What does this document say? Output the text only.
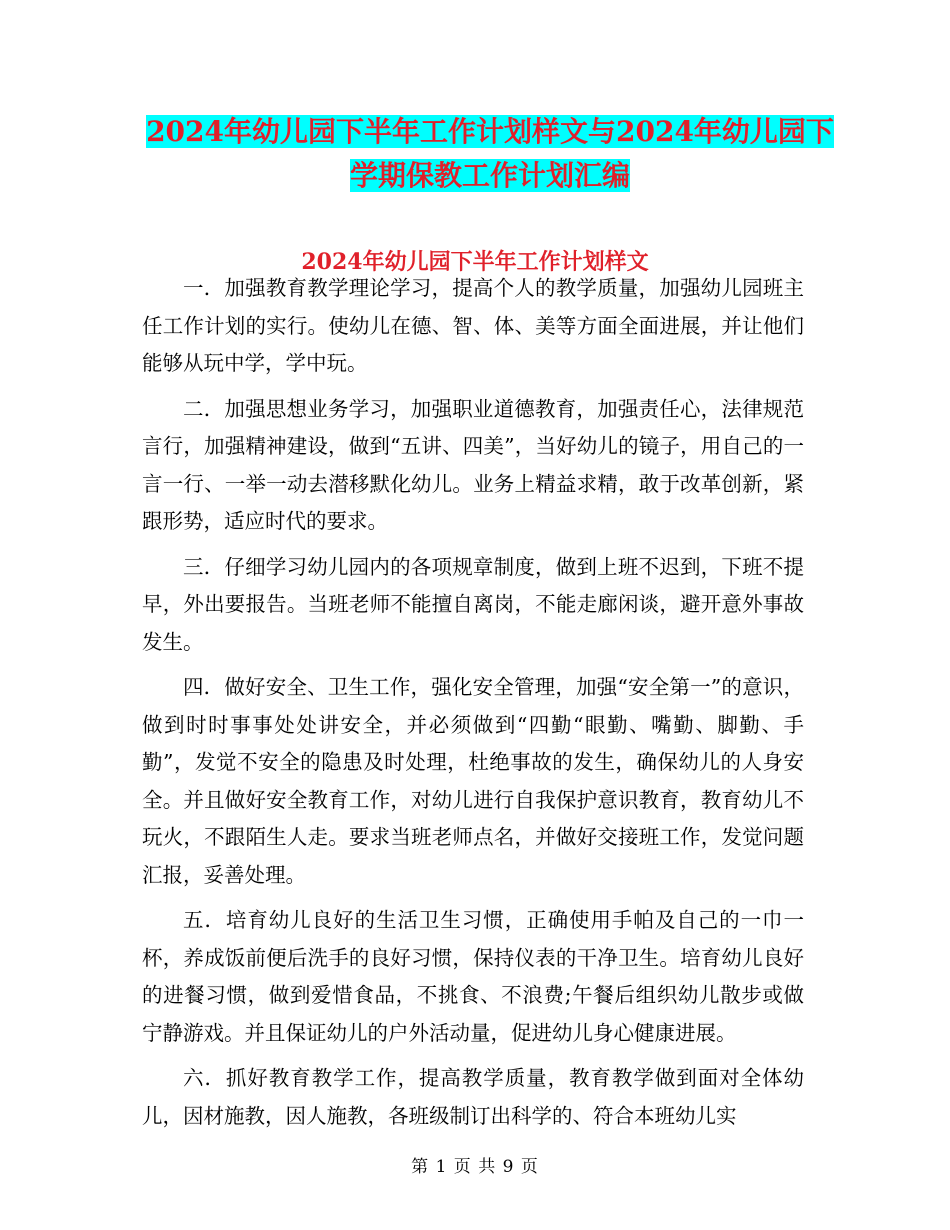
2024年幼儿园下半年工作计划样文与2024年幼儿园下
学期保教工作计划汇编
2024年幼儿园下半年工作计划样文

一．加强教育教学理论学习，提高个人的教学质量，加强幼儿园班主任工作计划的实行。使幼儿在德、智、体、美等方面全面进展，并让他们能够从玩中学，学中玩。

二．加强思想业务学习，加强职业道德教育，加强责任心，法律规范言行，加强精神建设，做到“五讲、四美”，当好幼儿的镜子，用自己的一言一行、一举一动去潜移默化幼儿。业务上精益求精，敢于改革创新，紧跟形势，适应时代的要求。

三．仔细学习幼儿园内的各项规章制度，做到上班不迟到，下班不提早，外出要报告。当班老师不能擅自离岗，不能走廊闲谈，避开意外事故发生。

四．做好安全、卫生工作，强化安全管理，加强“安全第一”的意识，做到时时事事处处讲安全，并必须做到“四勤“眼勤、嘴勤、脚勤、手勤”，发觉不安全的隐患及时处理，杜绝事故的发生，确保幼儿的人身安全。并且做好安全教育工作，对幼儿进行自我保护意识教育，教育幼儿不玩火，不跟陌生人走。要求当班老师点名，并做好交接班工作，发觉问题汇报，妥善处理。

五．培育幼儿良好的生活卫生习惯，正确使用手帕及自己的一巾一杯，养成饭前便后洗手的良好习惯，保持仪表的干净卫生。培育幼儿良好的进餐习惯，做到爱惜食品，不挑食、不浪费;午餐后组织幼儿散步或做宁静游戏。并且保证幼儿的户外活动量，促进幼儿身心健康进展。

六．抓好教育教学工作，提高教学质量，教育教学做到面对全体幼儿，因材施教，因人施教，各班级制订出科学的、符合本班幼儿实

第 1 页 共 9 页
